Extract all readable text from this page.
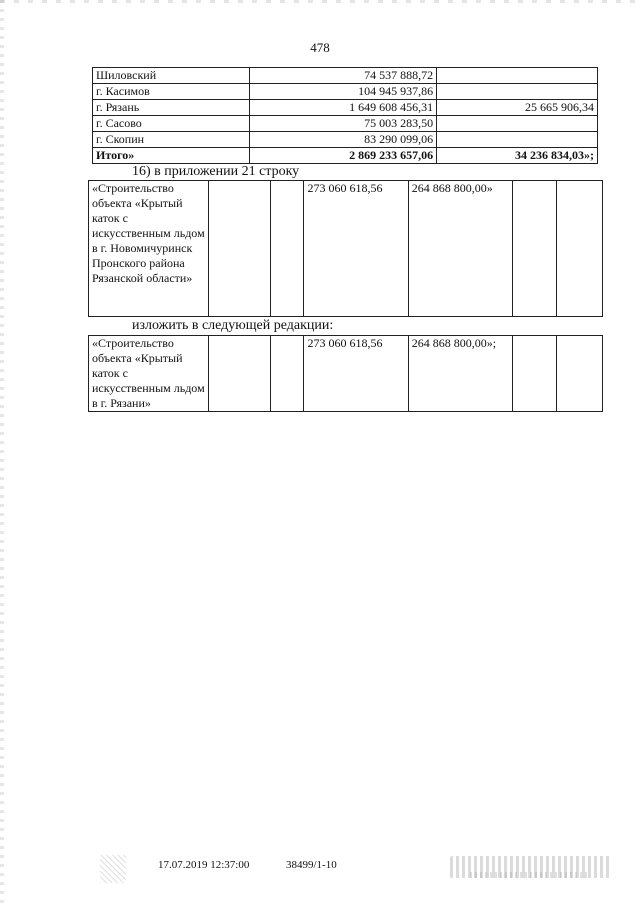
478
Шиловский	74 537 888,72	
г. Касимов	104 945 937,86	
г. Рязань	1 649 608 456,31	25 665 906,34
г. Сасово	75 003 283,50	
г. Скопин	83 290 099,06	
Итого»	2 869 233 657,06	34 236 834,03»;
16) в приложении 21 строку
«Строительство объекта «Крытый каток с искусственным льдом в г. Новомичуринск Пронского района Рязанской области»			273 060 618,56	264 868 800,00»		
изложить в следующей редакции:
«Строительство объекта «Крытый каток с искусственным льдом в г. Рязани»			273 060 618,56	264 868 800,00»;		
17.07.2019 12:37:00	38499/1-10
